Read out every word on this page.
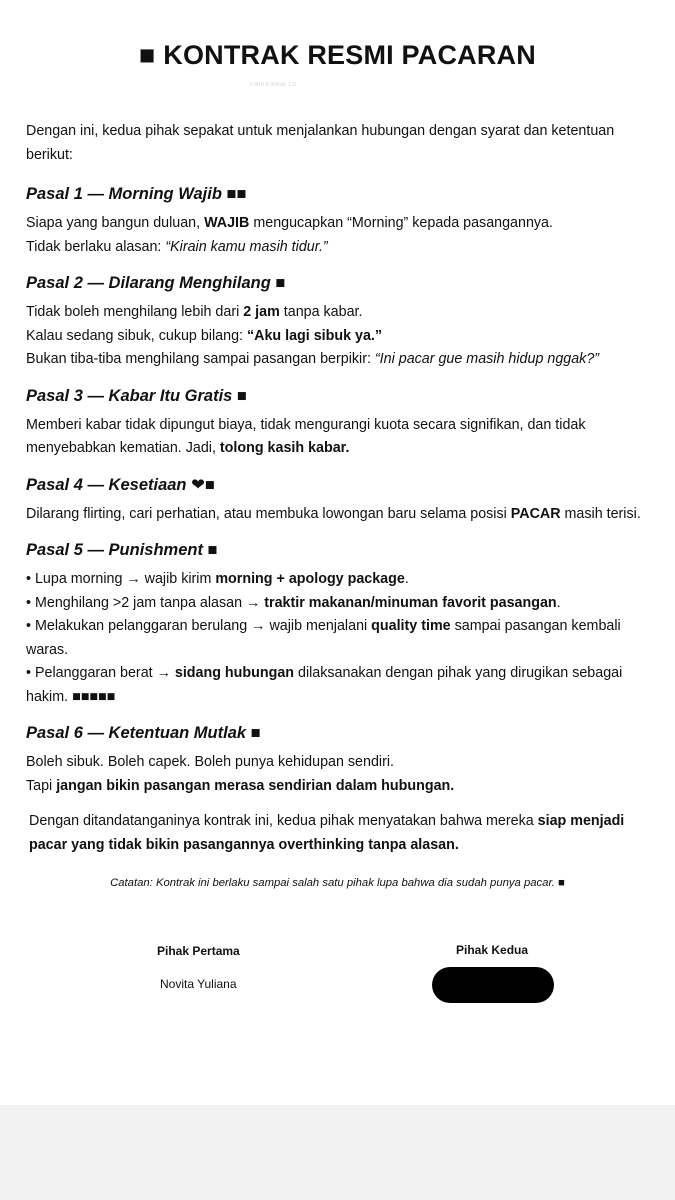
■ KONTRAK RESMI PACARAN
Form Kontrak 1.0

Dengan ini, kedua pihak sepakat untuk menjalankan hubungan dengan syarat dan ketentuan berikut:

Pasal 1 — Morning Wajib ■■

Siapa yang bangun duluan, WAJIB mengucapkan “Morning” kepada pasangannya.

Tidak berlaku alasan: “Kirain kamu masih tidur.”

Pasal 2 — Dilarang Menghilang ■

Tidak boleh menghilang lebih dari 2 jam tanpa kabar.

Kalau sedang sibuk, cukup bilang: “Aku lagi sibuk ya.”

Bukan tiba-tiba menghilang sampai pasangan berpikir: “Ini pacar gue masih hidup nggak?”

Pasal 3 — Kabar Itu Gratis ■

Memberi kabar tidak dipungut biaya, tidak mengurangi kuota secara signifikan, dan tidak menyebabkan kematian. Jadi, tolong kasih kabar.

Pasal 4 — Kesetiaan ❤■

Dilarang flirting, cari perhatian, atau membuka lowongan baru selama posisi PACAR masih terisi.

Pasal 5 — Punishment ■

• Lupa morning → wajib kirim morning + apology package.

• Menghilang >2 jam tanpa alasan → traktir makanan/minuman favorit pasangan.

• Melakukan pelanggaran berulang → wajib menjalani quality time sampai pasangan kembali waras.

• Pelanggaran berat → sidang hubungan dilaksanakan dengan pihak yang dirugikan sebagai hakim. ■■■■■

Pasal 6 — Ketentuan Mutlak ■

Boleh sibuk. Boleh capek. Boleh punya kehidupan sendiri.

Tapi jangan bikin pasangan merasa sendirian dalam hubungan.

Dengan ditandatanganinya kontrak ini, kedua pihak menyatakan bahwa mereka siap menjadi pacar yang tidak bikin pasangannya overthinking tanpa alasan.

Catatan: Kontrak ini berlaku sampai salah satu pihak lupa bahwa dia sudah punya pacar. ■
Pihak Pertama
Novita Yuliana
Pihak Kedua
